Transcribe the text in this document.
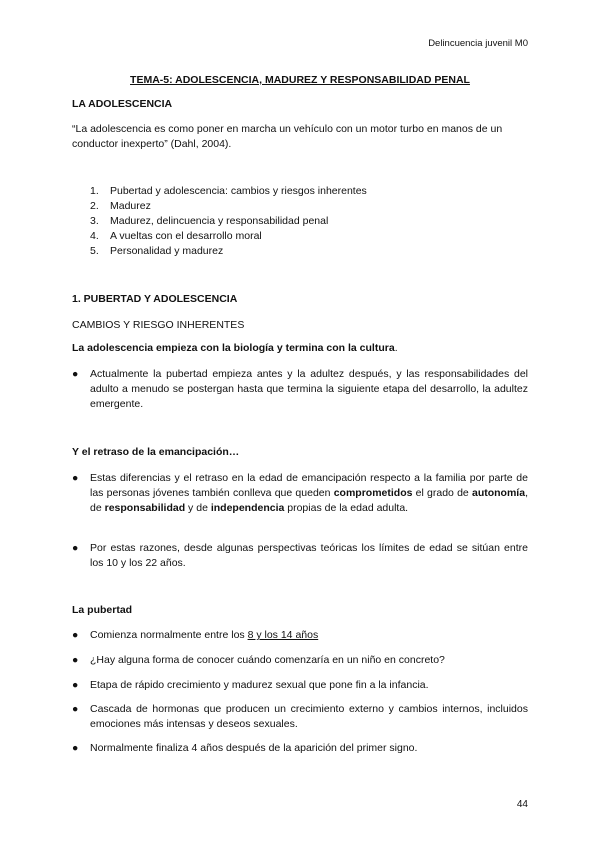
Delincuencia juvenil M0
TEMA-5: ADOLESCENCIA, MADUREZ Y RESPONSABILIDAD PENAL
LA ADOLESCENCIA
“La adolescencia es como poner en marcha un vehículo con un motor turbo en manos de un conductor inexperto” (Dahl, 2004).
1. Pubertad y adolescencia: cambios y riesgos inherentes
2. Madurez
3. Madurez, delincuencia y responsabilidad penal
4. A vueltas con el desarrollo moral
5. Personalidad y madurez
1. PUBERTAD Y ADOLESCENCIA
CAMBIOS Y RIESGO INHERENTES
La adolescencia empieza con la biología y termina con la cultura.
● Actualmente la pubertad empieza antes y la adultez después, y las responsabilidades del adulto a menudo se postergan hasta que termina la siguiente etapa del desarrollo, la adultez emergente.
Y el retraso de la emancipación…
● Estas diferencias y el retraso en la edad de emancipación respecto a la familia por parte de las personas jóvenes también conlleva que queden comprometidos el grado de autonomía, de responsabilidad y de independencia propias de la edad adulta.
● Por estas razones, desde algunas perspectivas teóricas los límites de edad se sitúan entre los 10 y los 22 años.
La pubertad
● Comienza normalmente entre los 8 y los 14 años
● ¿Hay alguna forma de conocer cuándo comenzaría en un niño en concreto?
● Etapa de rápido crecimiento y madurez sexual que pone fin a la infancia.
● Cascada de hormonas que producen un crecimiento externo y cambios internos, incluidos emociones más intensas y deseos sexuales.
● Normalmente finaliza 4 años después de la aparición del primer signo.
44
